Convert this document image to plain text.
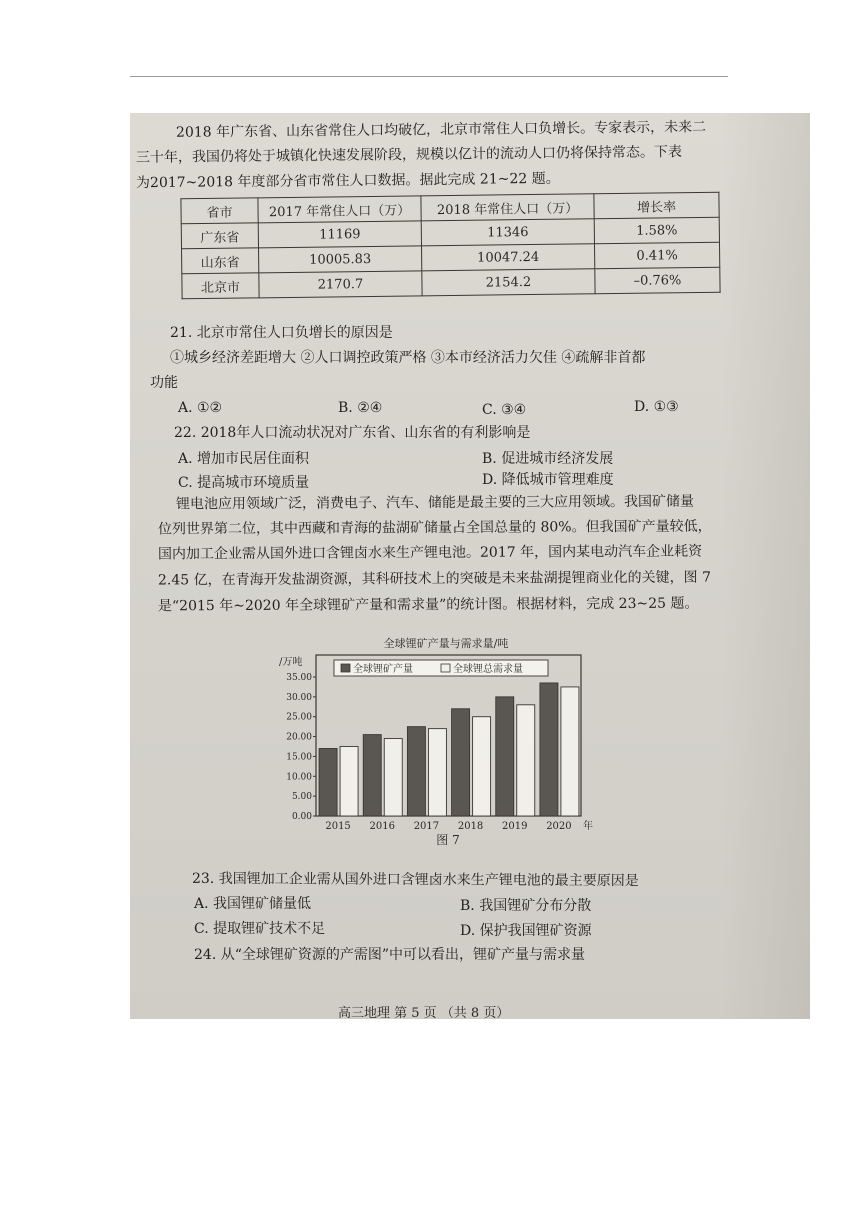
2018 年广东省、山东省常住人口均破亿，北京市常住人口负增长。专家表示，未来二
三十年，我国仍将处于城镇化快速发展阶段，规模以亿计的流动人口仍将保持常态。下表
为2017~2018 年度部分省市常住人口数据。据此完成 21~22 题。
省市	2017 年常住人口（万）	2018 年常住人口（万）	增长率
广东省	11169	11346	1.58%
山东省	10005.83	10047.24	0.41%
北京市	2170.7	2154.2	–0.76%
21. 北京市常住人口负增长的原因是
①城乡经济差距增大 ②人口调控政策严格 ③本市经济活力欠佳 ④疏解非首都
功能
A. ①②	B. ②④	C. ③④	D. ①③
22. 2018年人口流动状况对广东省、山东省的有利影响是
A. 增加市民居住面积	B. 促进城市经济发展
C. 提高城市环境质量	D. 降低城市管理难度
锂电池应用领域广泛，消费电子、汽车、储能是最主要的三大应用领域。我国矿储量
位列世界第二位，其中西藏和青海的盐湖矿储量占全国总量的 80%。但我国矿产量较低，
国内加工企业需从国外进口含锂卤水来生产锂电池。2017 年，国内某电动汽车企业耗资
2.45 亿，在青海开发盐湖资源，其科研技术上的突破是未来盐湖提锂商业化的关键，图 7
是“2015 年~2020 年全球锂矿产量和需求量”的统计图。根据材料，完成 23~25 题。
全球锂矿产量与需求量/吨
/万吨
0.00
5.00
10.00
15.00
20.00
25.00
30.00
35.00
全球锂矿产量	全球锂总需求量
2015 2016 2017 2018 2019 2020 年
图 7
23. 我国锂加工企业需从国外进口含锂卤水来生产锂电池的最主要原因是
A. 我国锂矿储量低	B. 我国锂矿分布分散
C. 提取锂矿技术不足	D. 保护我国锂矿资源
24. 从“全球锂矿资源的产需图”中可以看出，锂矿产量与需求量
高三地理 第 5 页 （共 8 页）
